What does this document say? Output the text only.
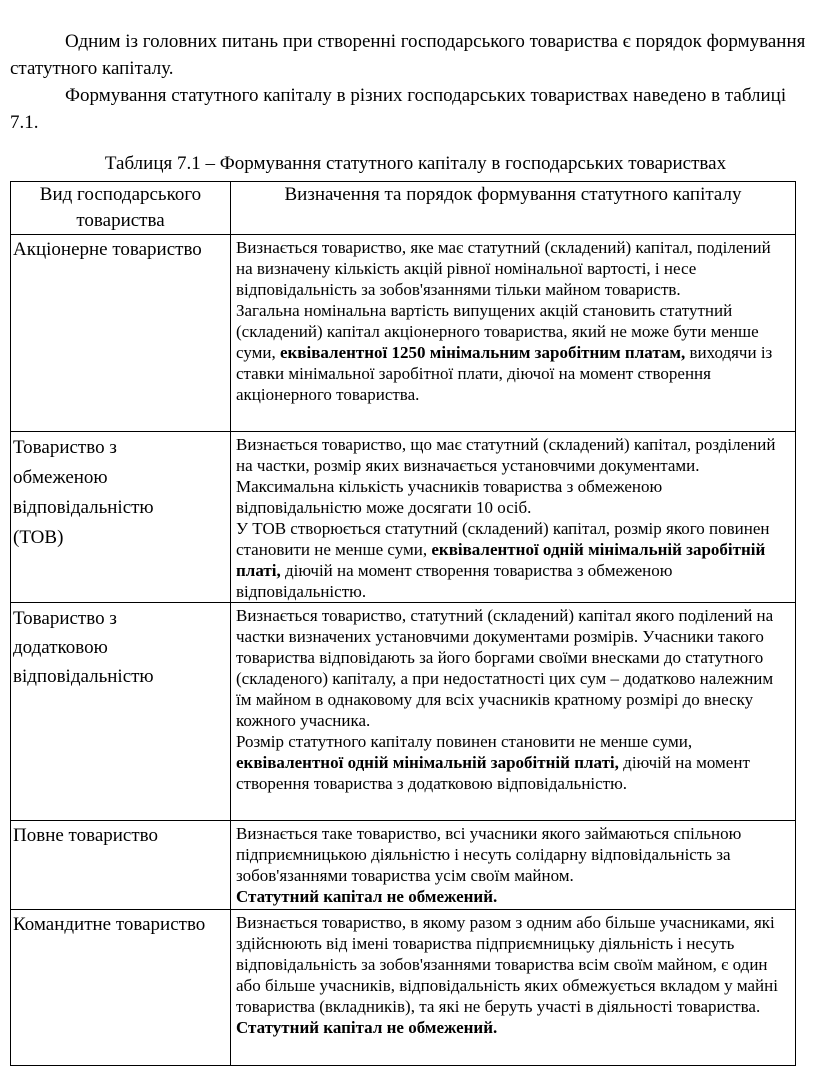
Одним із головних питань при створенні господарського товариства є порядок формування статутного капіталу.

Формування статутного капіталу в різних господарських товариствах наведено в таблиці 7.1.

Таблиця 7.1 – Формування статутного капіталу в господарських товариствах
Вид господарського товариства	Визначення та порядок формування статутного капіталу
Акціонерне товариство	Визнається товариство, яке має статутний (складений) капітал, поділений на визначену кількість акцій рівної номінальної вартості, і несе відповідальність за зобов'язаннями тільки майном товариств.
Загальна номінальна вартість випущених акцій становить статутний (складений) капітал акціонерного товариства, який не може бути менше суми, еквівалентної 1250 мінімальним заробітним платам, виходячи із ставки мінімальної заробітної плати, діючої на момент створення акціонерного товариства.

Товариство з обмеженою відповідальністю (ТОВ)	Визнається товариство, що має статутний (складений) капітал, розділений на частки, розмір яких визначається установчими документами. Максимальна кількість учасників товариства з обмеженою відповідальністю може досягати 10 осіб.
У ТОВ створюється статутний (складений) капітал, розмір якого повинен становити не менше суми, еквівалентної одній мінімальній заробітній платі, діючій на момент створення товариства з обмеженою відповідальністю.

Товариство з додатковою відповідальністю	Визнається товариство, статутний (складений) капітал якого поділений на частки визначених установчими документами розмірів. Учасники такого товариства відповідають за його боргами своїми внесками до статутного (складеного) капіталу, а при недостатності цих сум – додатково належним їм майном в однаковому для всіх учасників кратному розмірі до внеску кожного учасника.
Розмір статутного капіталу повинен становити не менше суми, еквівалентної одній мінімальній заробітній платі, діючій на момент створення товариства з додатковою відповідальністю.

Повне товариство	Визнається таке товариство, всі учасники якого займаються спільною підприємницькою діяльністю і несуть солідарну відповідальність за зобов'язаннями товариства усім своїм майном.
Статутний капітал не обмежений.

Командитне товариство	Визнається товариство, в якому разом з одним або більше учасниками, які здійснюють від імені товариства підприємницьку діяльність і несуть відповідальність за зобов'язаннями товариства всім своїм майном, є один або більше учасників, відповідальність яких обмежується вкладом у майні товариства (вкладників), та які не беруть участі в діяльності товариства.
Статутний капітал не обмежений.
